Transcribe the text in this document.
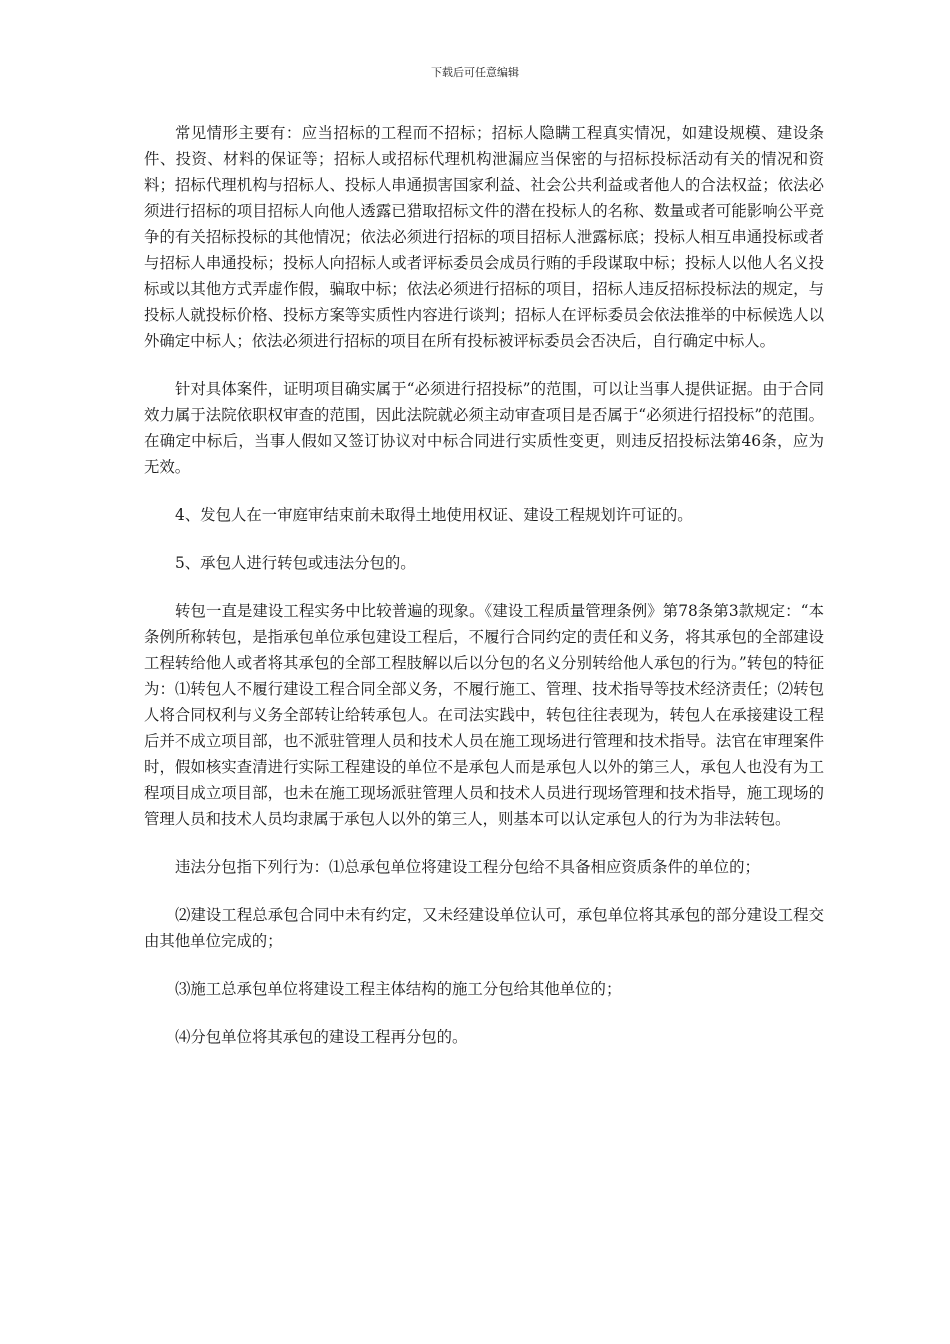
下载后可任意编辑

常见情形主要有：应当招标的工程而不招标；招标人隐瞒工程真实情况，如建设规模、建设条件、投资、材料的保证等；招标人或招标代理机构泄漏应当保密的与招标投标活动有关的情况和资料；招标代理机构与招标人、投标人串通损害国家利益、社会公共利益或者他人的合法权益；依法必须进行招标的项目招标人向他人透露已猎取招标文件的潜在投标人的名称、数量或者可能影响公平竞争的有关招标投标的其他情况；依法必须进行招标的项目招标人泄露标底；投标人相互串通投标或者与招标人串通投标；投标人向招标人或者评标委员会成员行贿的手段谋取中标；投标人以他人名义投标或以其他方式弄虚作假，骗取中标；依法必须进行招标的项目，招标人违反招标投标法的规定，与投标人就投标价格、投标方案等实质性内容进行谈判；招标人在评标委员会依法推举的中标候选人以外确定中标人；依法必须进行招标的项目在所有投标被评标委员会否决后，自行确定中标人。

针对具体案件，证明项目确实属于“必须进行招投标”的范围，可以让当事人提供证据。由于合同效力属于法院依职权审查的范围，因此法院就必须主动审查项目是否属于“必须进行招投标”的范围。在确定中标后，当事人假如又签订协议对中标合同进行实质性变更，则违反招投标法第46条，应为无效。

4、发包人在一审庭审结束前未取得土地使用权证、建设工程规划许可证的。

5、承包人进行转包或违法分包的。

转包一直是建设工程实务中比较普遍的现象。《建设工程质量管理条例》第78条第3款规定：“本条例所称转包，是指承包单位承包建设工程后，不履行合同约定的责任和义务，将其承包的全部建设工程转给他人或者将其承包的全部工程肢解以后以分包的名义分别转给他人承包的行为。”转包的特征为：⑴转包人不履行建设工程合同全部义务，不履行施工、管理、技术指导等技术经济责任；⑵转包人将合同权利与义务全部转让给转承包人。在司法实践中，转包往往表现为，转包人在承接建设工程后并不成立项目部，也不派驻管理人员和技术人员在施工现场进行管理和技术指导。法官在审理案件时，假如核实查清进行实际工程建设的单位不是承包人而是承包人以外的第三人，承包人也没有为工程项目成立项目部，也未在施工现场派驻管理人员和技术人员进行现场管理和技术指导，施工现场的管理人员和技术人员均隶属于承包人以外的第三人，则基本可以认定承包人的行为为非法转包。

违法分包指下列行为：⑴总承包单位将建设工程分包给不具备相应资质条件的单位的；

⑵建设工程总承包合同中未有约定，又未经建设单位认可，承包单位将其承包的部分建设工程交由其他单位完成的；

⑶施工总承包单位将建设工程主体结构的施工分包给其他单位的；

⑷分包单位将其承包的建设工程再分包的。
